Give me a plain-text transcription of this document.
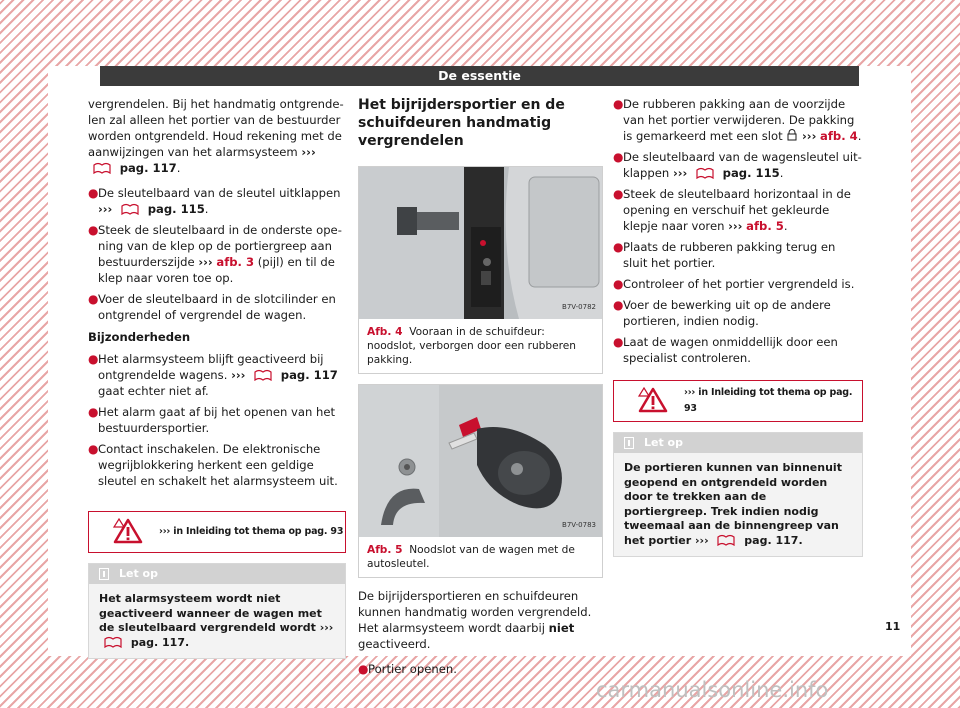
De essentie

vergrendelen. Bij het handmatig ontgrendelen zal alleen het portier van de bestuurder worden ontgrendeld. Houd rekening met de aanwijzingen van het alarmsysteem ›››  pag. 117.

● De sleutelbaard van de sleutel uitklappen ›››	pag. 115.
● Steek de sleutelbaard in de onderste opening van de klep op de portiergreep aan bestuurderszijde ››› afb. 3 (pijl) en til de klep naar voren toe op.
● Voer de sleutelbaard in de slotcilinder en ontgrendel of vergrendel de wagen.
Bijzonderheden
● Het alarmsysteem blijft geactiveerd bij ontgrendelde wagens. ›››	pag. 117 gaat echter niet af.
● Het alarm gaat af bij het openen van het bestuurdersportier.
● Contact inschakelen. De elektronische wegrijblokkering herkent een geldige sleutel en schakelt het alarmsysteem uit.
››› in Inleiding tot thema op pag. 93
Let op
Het alarmsysteem wordt niet geactiveerd wanneer de wagen met de sleutelbaard vergrendeld wordt ›››  pag. 117.
Het bijrijdersportier en de schuifdeuren handmatig vergrendelen
B7V-0782
Afb. 4 Vooraan in de schuifdeur: noodslot, verborgen door een rubberen pakking.
B7V-0783
Afb. 5 Noodslot van de wagen met de autosleutel.

De bijrijdersportieren en schuifdeuren kunnen handmatig worden vergrendeld. Het alarmsysteem wordt daarbij niet geactiveerd.

● Portier openen.
● De rubberen pakking aan de voorzijde van het portier verwijderen. De pakking is gemarkeerd met een slot ››› afb. 4.
● De sleutelbaard van de wagensleutel uitklappen ›››	pag. 115.
● Steek de sleutelbaard horizontaal in de opening en verschuif het gekleurde klepje naar voren ››› afb. 5.
● Plaats de rubberen pakking terug en sluit het portier.
● Controleer of het portier vergrendeld is.
● Voer de bewerking uit op de andere portieren, indien nodig.
● Laat de wagen onmiddellijk door een specialist controleren.
››› in Inleiding tot thema op pag. 93
Let op
De portieren kunnen van binnenuit geopend en ontgrendeld worden door te trekken aan de portiergreep. Trek indien nodig tweemaal aan de binnengreep van het portier ›››	pag. 117.
11
carmanualsonline.info
